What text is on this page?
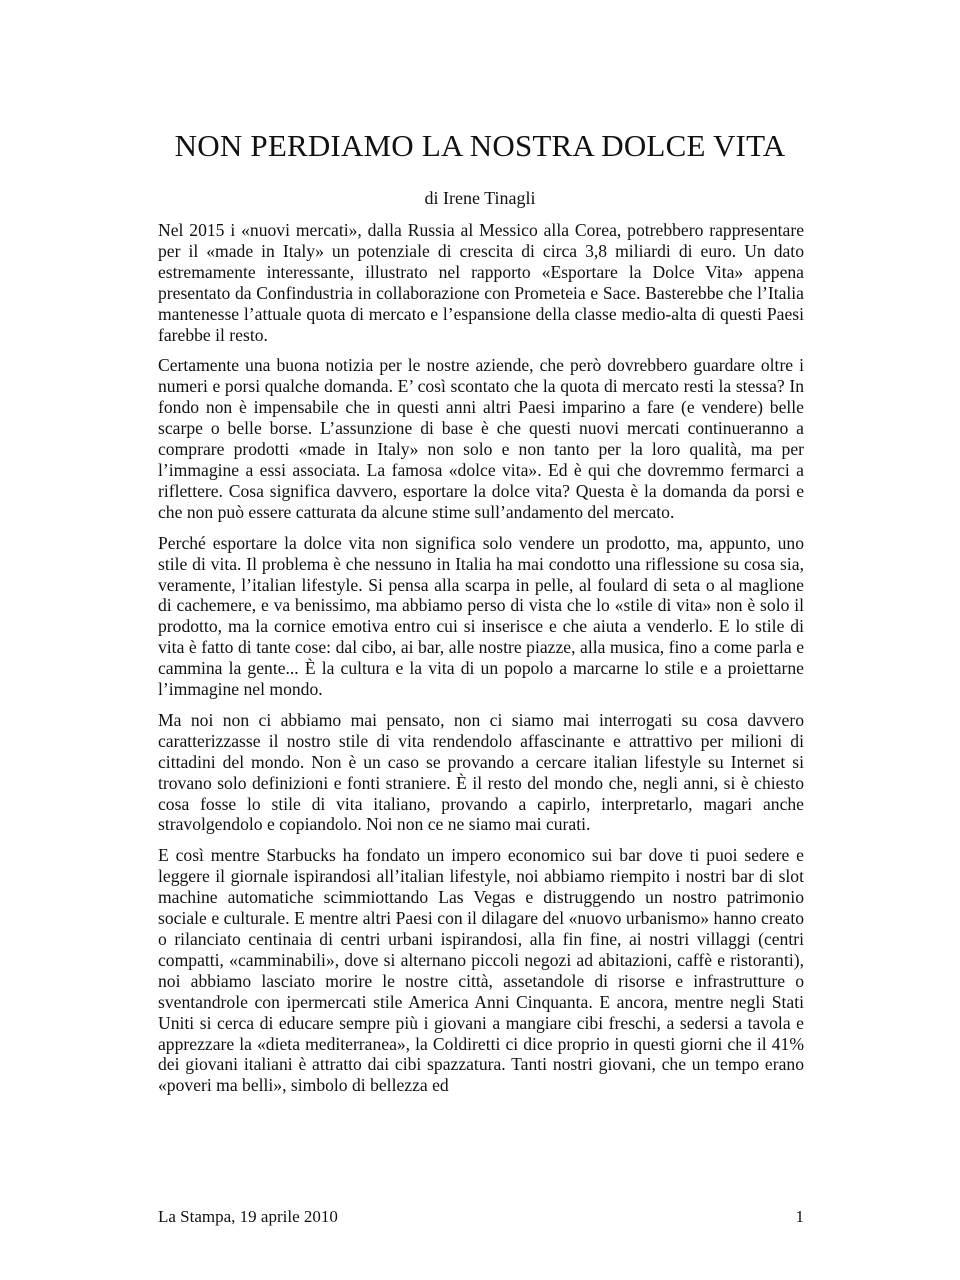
NON PERDIAMO LA NOSTRA DOLCE VITA

di Irene Tinagli

Nel 2015 i «nuovi mercati», dalla Russia al Messico alla Corea, potrebbero rappresentare per il «made in Italy» un potenziale di crescita di circa 3,8 miliardi di euro. Un dato estremamente interessante, illustrato nel rapporto «Esportare la Dolce Vita» appena presentato da Confindustria in collaborazione con Prometeia e Sace. Basterebbe che l’Italia mantenesse l’attuale quota di mercato e l’espansione della classe medio-alta di questi Paesi farebbe il resto.

Certamente una buona notizia per le nostre aziende, che però dovrebbero guardare oltre i numeri e porsi qualche domanda. E’ così scontato che la quota di mercato resti la stessa? In fondo non è impensabile che in questi anni altri Paesi imparino a fare (e vendere) belle scarpe o belle borse. L’assunzione di base è che questi nuovi mercati continueranno a comprare prodotti «made in Italy» non solo e non tanto per la loro qualità, ma per l’immagine a essi associata. La famosa «dolce vita». Ed è qui che dovremmo fermarci a riflettere. Cosa significa davvero, esportare la dolce vita? Questa è la domanda da porsi e che non può essere catturata da alcune stime sull’andamento del mercato.

Perché esportare la dolce vita non significa solo vendere un prodotto, ma, appunto, uno stile di vita. Il problema è che nessuno in Italia ha mai condotto una riflessione su cosa sia, veramente, l’italian lifestyle. Si pensa alla scarpa in pelle, al foulard di seta o al maglione di cachemere, e va benissimo, ma abbiamo perso di vista che lo «stile di vita» non è solo il prodotto, ma la cornice emotiva entro cui si inserisce e che aiuta a venderlo. E lo stile di vita è fatto di tante cose: dal cibo, ai bar, alle nostre piazze, alla musica, fino a come parla e cammina la gente... È la cultura e la vita di un popolo a marcarne lo stile e a proiettarne l’immagine nel mondo.

Ma noi non ci abbiamo mai pensato, non ci siamo mai interrogati su cosa davvero caratterizzasse il nostro stile di vita rendendolo affascinante e attrattivo per milioni di cittadini del mondo. Non è un caso se provando a cercare italian lifestyle su Internet si trovano solo definizioni e fonti straniere. È il resto del mondo che, negli anni, si è chiesto cosa fosse lo stile di vita italiano, provando a capirlo, interpretarlo, magari anche stravolgendolo e copiandolo. Noi non ce ne siamo mai curati.

E così mentre Starbucks ha fondato un impero economico sui bar dove ti puoi sedere e leggere il giornale ispirandosi all’italian lifestyle, noi abbiamo riempito i nostri bar di slot machine automatiche scimmiottando Las Vegas e distruggendo un nostro patrimonio sociale e culturale. E mentre altri Paesi con il dilagare del «nuovo urbanismo» hanno creato o rilanciato centinaia di centri urbani ispirandosi, alla fin fine, ai nostri villaggi (centri compatti, «camminabili», dove si alternano piccoli negozi ad abitazioni, caffè e ristoranti), noi abbiamo lasciato morire le nostre città, assetandole di risorse e infrastrutture o sventandrole con ipermercati stile America Anni Cinquanta. E ancora, mentre negli Stati Uniti si cerca di educare sempre più i giovani a mangiare cibi freschi, a sedersi a tavola e apprezzare la «dieta mediterranea», la Coldiretti ci dice proprio in questi giorni che il 41% dei giovani italiani è attratto dai cibi spazzatura. Tanti nostri giovani, che un tempo erano «poveri ma belli», simbolo di bellezza ed

La Stampa, 19 aprile 2010	1
